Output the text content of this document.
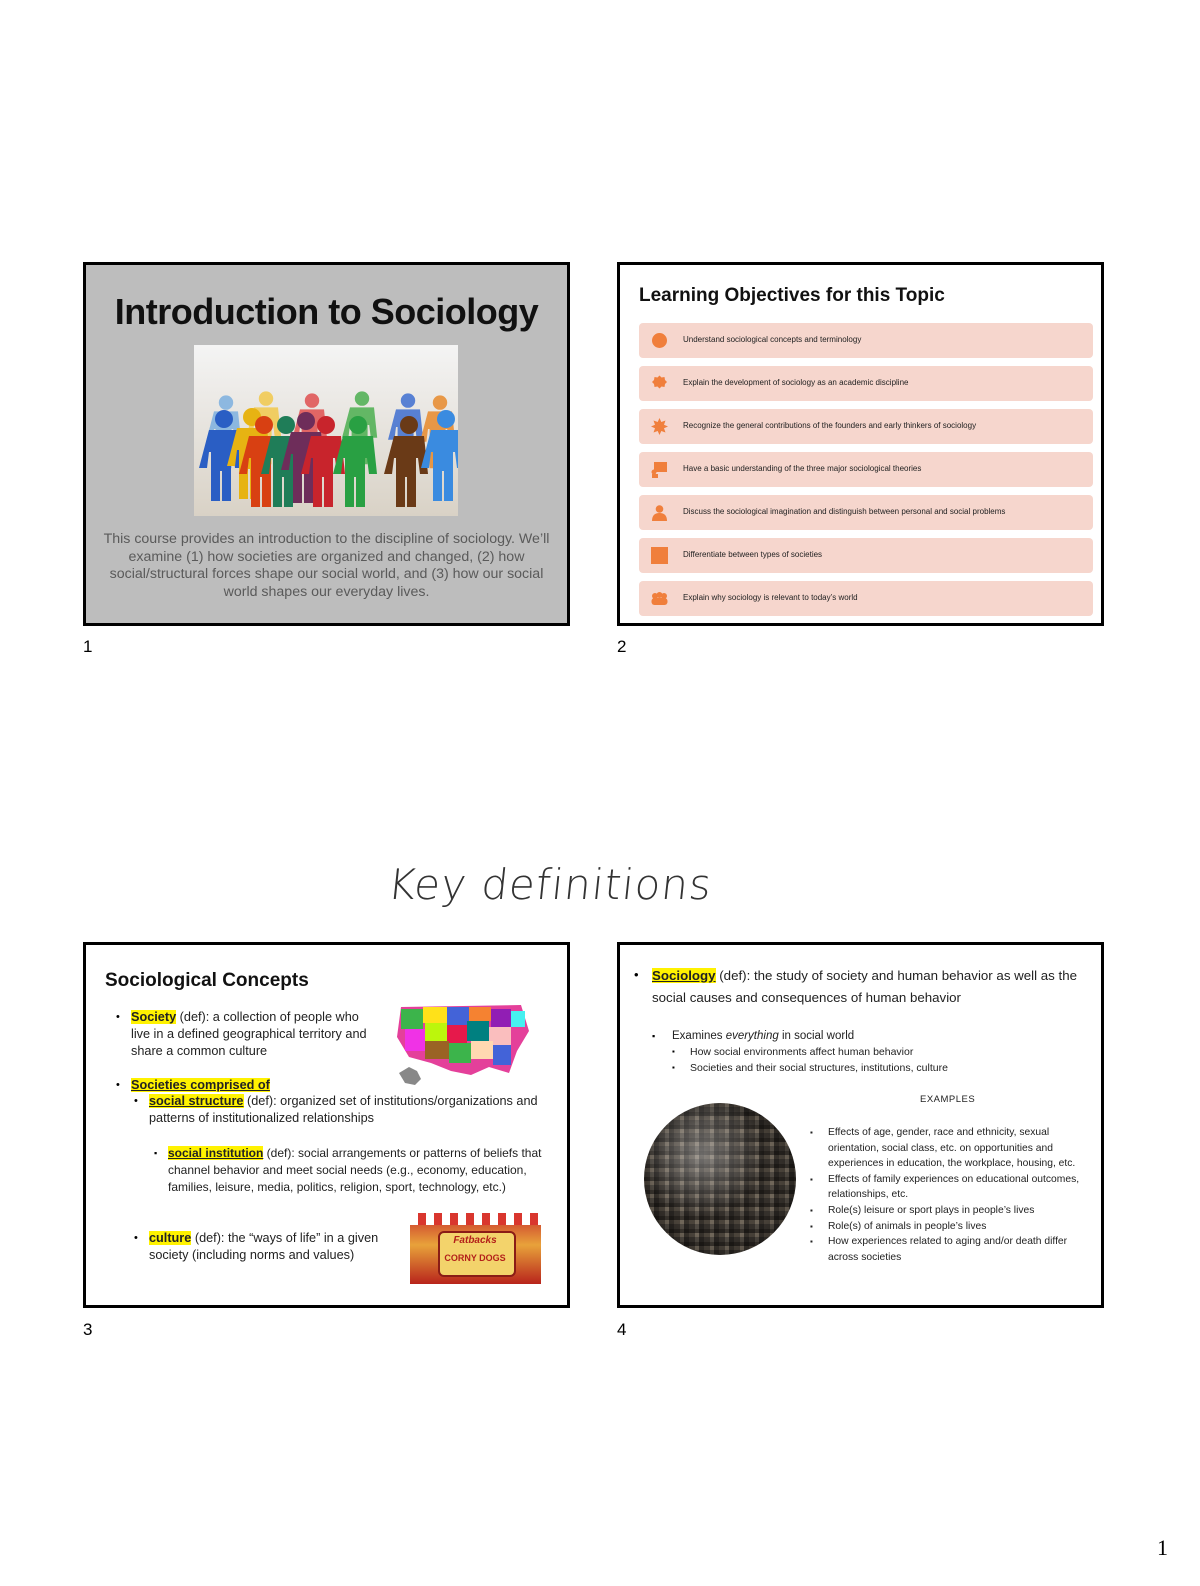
Introduction to Sociology
This course provides an introduction to the discipline of sociology. We’ll examine (1) how societies are organized and changed, (2) how social/structural forces shape our social world, and (3) how our social world shapes our everyday lives.
1
Learning Objectives for this Topic
Understand sociological concepts and terminology
Explain the development of sociology as an academic discipline
Recognize the general contributions of the founders and early thinkers of sociology
Have a basic understanding of the three major sociological theories
Discuss the sociological imagination and distinguish between personal and social problems
Differentiate between types of societies
Explain why sociology is relevant to today’s world
2
Key definitions
Sociological Concepts
• Society (def): a collection of people who live in a defined geographical territory and share a common culture
• Societies comprised of
• social structure (def): organized set of institutions/organizations and patterns of institutionalized relationships
▪ social institution (def): social arrangements or patterns of beliefs that channel behavior and meet social needs (e.g., economy, education, families, leisure, media, politics, religion, sport, technology, etc.)
• culture (def): the “ways of life” in a given society (including norms and values)
Fatbacks
CORNY DOGS
3
• Sociology (def): the study of society and human behavior as well as the social causes and consequences of human behavior
▪ Examines everything in social world
▪ How social environments affect human behavior
▪ Societies and their social structures, institutions, culture
EXAMPLES
▪ Effects of age, gender, race and ethnicity, sexual orientation, social class, etc. on opportunities and experiences in education, the workplace, housing, etc.
▪ Effects of family experiences on educational outcomes, relationships, etc.
▪ Role(s) leisure or sport plays in people’s lives
▪ Role(s) of animals in people’s lives
▪ How experiences related to aging and/or death differ across societies
4
1
